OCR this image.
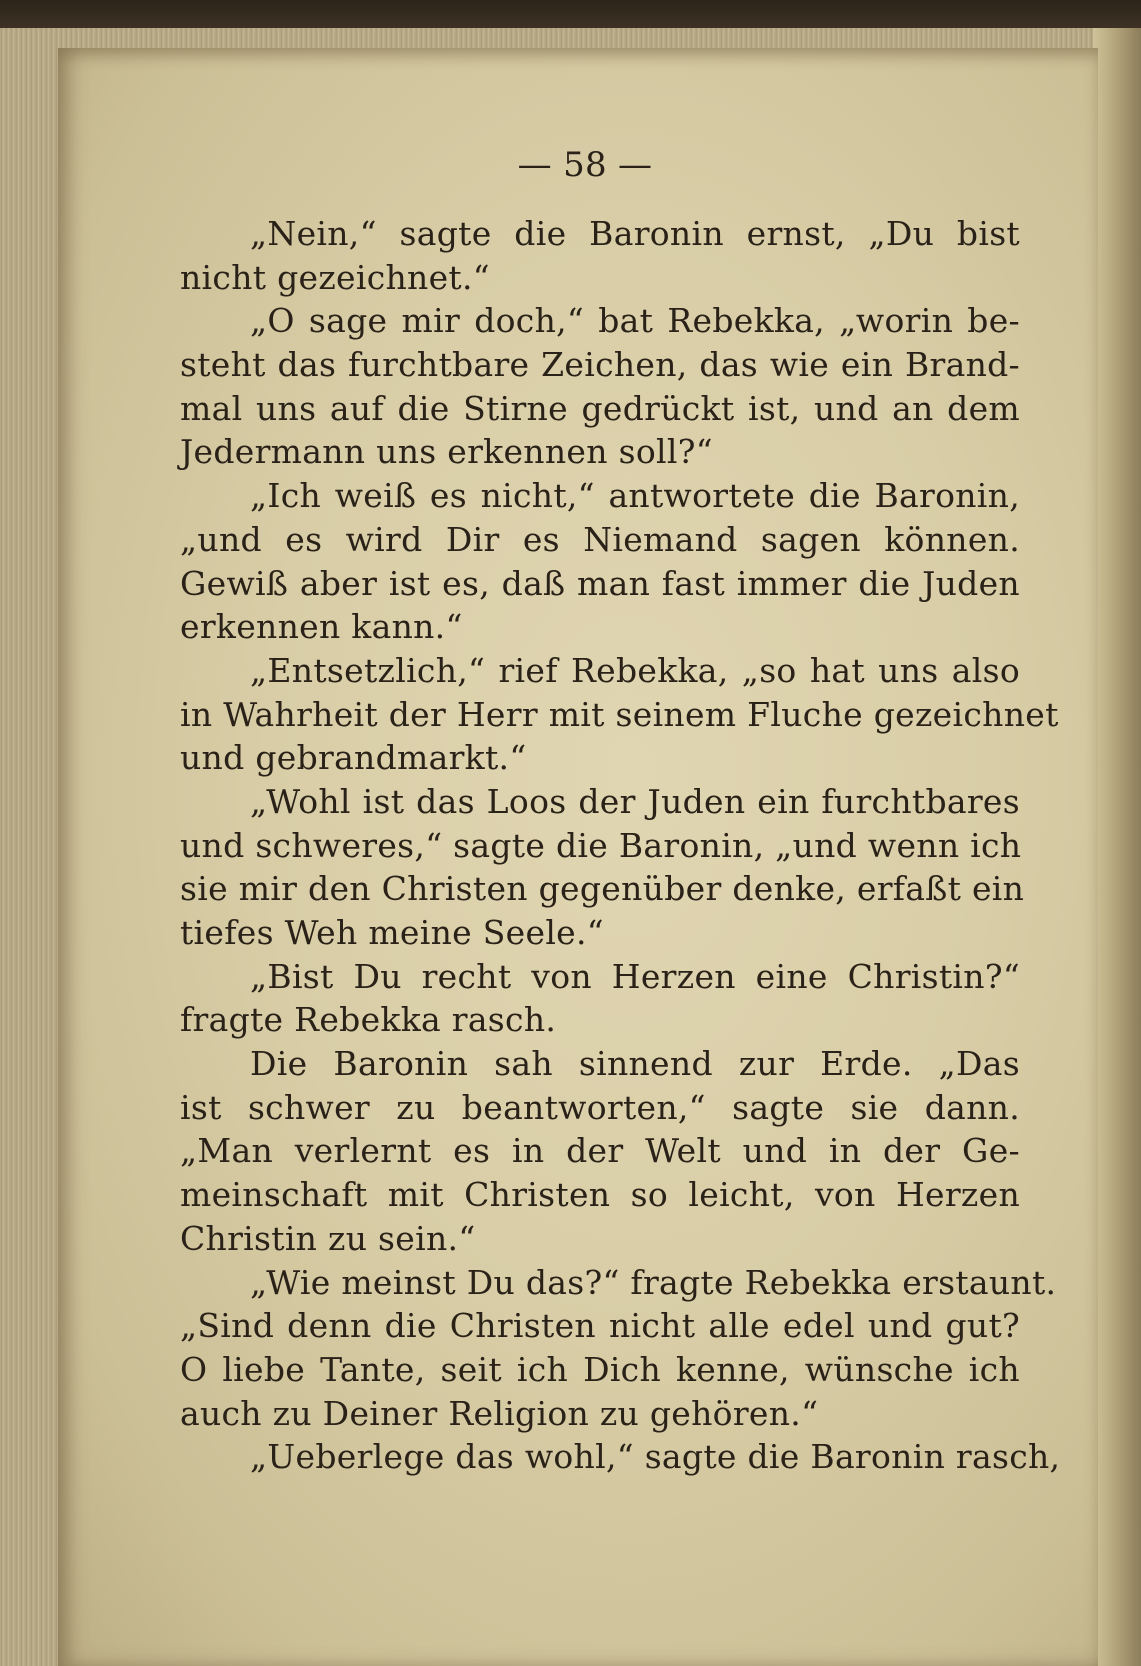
— 58 —
„Nein,“ sagte die Baronin ernst, „Du bist
nicht gezeichnet.“
„O sage mir doch,“ bat Rebekka, „worin be-
steht das furchtbare Zeichen, das wie ein Brand-
mal uns auf die Stirne gedrückt ist, und an dem
Jedermann uns erkennen soll?“
„Ich weiß es nicht,“ antwortete die Baronin,
„und es wird Dir es Niemand sagen können.
Gewiß aber ist es, daß man fast immer die Juden
erkennen kann.“
„Entsetzlich,“ rief Rebekka, „so hat uns also
in Wahrheit der Herr mit seinem Fluche gezeichnet
und gebrandmarkt.“
„Wohl ist das Loos der Juden ein furchtbares
und schweres,“ sagte die Baronin, „und wenn ich
sie mir den Christen gegenüber denke, erfaßt ein
tiefes Weh meine Seele.“
„Bist Du recht von Herzen eine Christin?“
fragte Rebekka rasch.
Die Baronin sah sinnend zur Erde. „Das
ist schwer zu beantworten,“ sagte sie dann.
„Man verlernt es in der Welt und in der Ge-
meinschaft mit Christen so leicht, von Herzen
Christin zu sein.“
„Wie meinst Du das?“ fragte Rebekka erstaunt.
„Sind denn die Christen nicht alle edel und gut?
O liebe Tante, seit ich Dich kenne, wünsche ich
auch zu Deiner Religion zu gehören.“
„Ueberlege das wohl,“ sagte die Baronin rasch,
